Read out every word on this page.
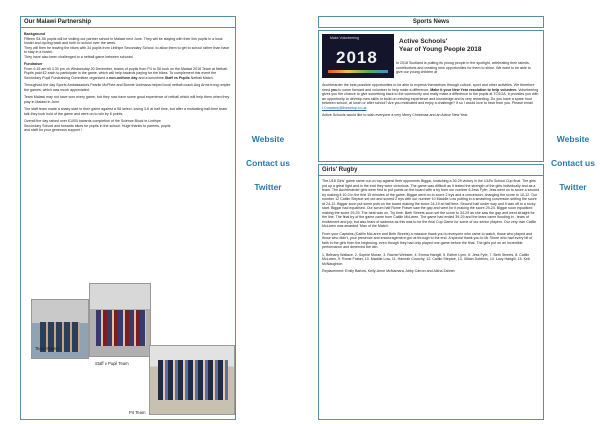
Our Malawi Partnership

Background

Fifteen S4-S6 pupils will be visiting our partner school in Malawi next June. They will be staying with their link pupils in a local hostel and cycling back and forth to school over the week.

They will then be leaving the bikes with 34 pupils from Linthipe Secondary School, to allow them to get to school rather than have to stay in a hostel.

They have also been challenged to a netball game between schools!

Fundraiser

From 9.15 am till 3.30 pm on Wednesday 20 December, teams of pupils from P4 to S6 took on the Malawi 2018 Team at Netball.

Pupils paid £2 each to participate in the game, which will help towards paying for the bikes. To complement this event the Secondary Pupil Fundraising Committee organised a non-uniform day and a lunchtime Staff vs Pupils Netball Match.

Throughout the day Sports Ambassadors Fearlin McPhee and Bonnie Uwimana helped local netball coach Ang Arms trong umpire the games, which was much appreciated.

Team Malawi may not have won every game, but they now have some good experience of netball which will help them when they play in Malawi in June.

The staff team made a shaky start to their game against a S6 select, losing 3-6 at half time, but after a motivating half-time team talk they took hold of the game and went on to win by 6 points.

Overall the day raised over £1000 towards completion of the Science Block in Linthipe Secondary School and towards bikes for pupils in the school. Huge thanks to parents, pupils and staff for your generous support !

Team Malawi
Staff v Pupil Team
P4 Team
Website
Contact us
Twitter
Website
Contact us
Twitter
Sports News
Make Volunteering
2018
Active Schools'
Year of Young People 2018
In 2018 Scotland is putting its young people in the spotlight, celebrating their talents, contributions and creating new opportunities for them to shine. We want to be able to give our young children at

Auchterarder the best possible opportunities to be able to express themselves through culture, sport and other activities. We therefore need you to come forward and volunteer to help make a difference. Make it your New Year resolution to help volunteer. Volunteering gives you the chance to give something back to the community and really make a difference to the pupils at TCSOA. It provides you with an opportunity to develop new skills or build on existing experience and knowledge and is very rewarding. Do you have a spare hour between school, at lunch or after school? Are you motivated and enjoy a challenge? If so I would love to hear from you. Please email LCmackey@livesetup.co.uk

Active Schools would like to wish everyone a very Merry Christmas and an Active New Year.

Girls' Rugby

The U18 Girls' game came out on top against their opponents Biggar, snatching a 39-29 victory in the U18's School Cup final. The girls put up a great fight and in the end they were victorious. The game was difficult as it tested the strength of the girls individually and as a team. The Auchterarder girls were first to put points on the board with a try from our number 6 Jess Fyfe; Jess went on to score a second try making it 10-0 in the first 15 minutes of the game. Biggar went on to score 2 trys and a conversion, changing the score to 10-12. Our number 12 Caitlin Steptoe set out and scored 2 trys with our number 10 Maddie Low putting in a smashing conversion setting the score at 24-12. Biggar soon put some puts on the board making the score 24-19 at half time. Second half under way and it was off to a rocky start. Biggar had equalised. Our scrum half Rome Fraser saw the gap and went for it making the score 29-24. Biggar soon equalised making the score 29-29. The heat was on. Try time. Beth Streets soon set the score to 34-29 as she saw the gap and went straight for the line. The final try of the game came from Caitlin McLaren. The game had ended 39-29 and the tears came flooding in - tears of excitement and joy, but also tears of sadness as this was to be the final Cup Game for some of our senior players. Our very own Caitlin McLaren was awarded 'Man of the Match'.

From your Captains (Caitlin McLaren and Beth Streets) a massive thank you to everyone who came to watch, those who played and those who didn't, your presence and encouragement got us through to the end. A special thank you to Mr Shore who had every bit of faith in the girls from the beginning, even though they had only played one game before the final. The girls put on an incredible performance and deserved the win.

1. Bethany Wallace, 2. Sophie Moran, 3. Rachel Webster, 4. Emma Hartgill, 5. Esther Lynn, 6. Jess Fyfe, 7. Beth Streets, 8. Caitlin McLaren, 9. Rome Fraser, 10. Maddie Low, 11. Hannah Courchy, 12. Caitlin Steptoe, 13. Gillian Dobbins, 14. Lucy Hartgill, 15. Keti McNaughton

Replacement: Emily Barlow, Kelly-Anne McNamara, Abby Carron and Aisha Zahner
